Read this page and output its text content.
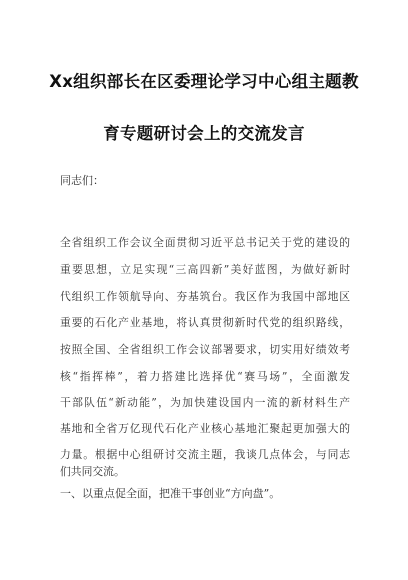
Xx组织部长在区委理论学习中心组主题教
育专题研讨会上的交流发言
同志们：
全省组织工作会议全面贯彻习近平总书记关于党的建设的
重要思想，立足实现“三高四新”美好蓝图，为做好新时
代组织工作领航导向、夯基筑台。我区作为我国中部地区
重要的石化产业基地，将认真贯彻新时代党的组织路线，
按照全国、全省组织工作会议部署要求，切实用好绩效考
核“指挥棒”，着力搭建比选择优“赛马场”，全面激发
干部队伍“新动能”，为加快建设国内一流的新材料生产
基地和全省万亿现代石化产业核心基地汇聚起更加强大的
力量。根据中心组研讨交流主题，我谈几点体会，与同志
们共同交流。
一、以重点促全面，把准干事创业“方向盘”。
